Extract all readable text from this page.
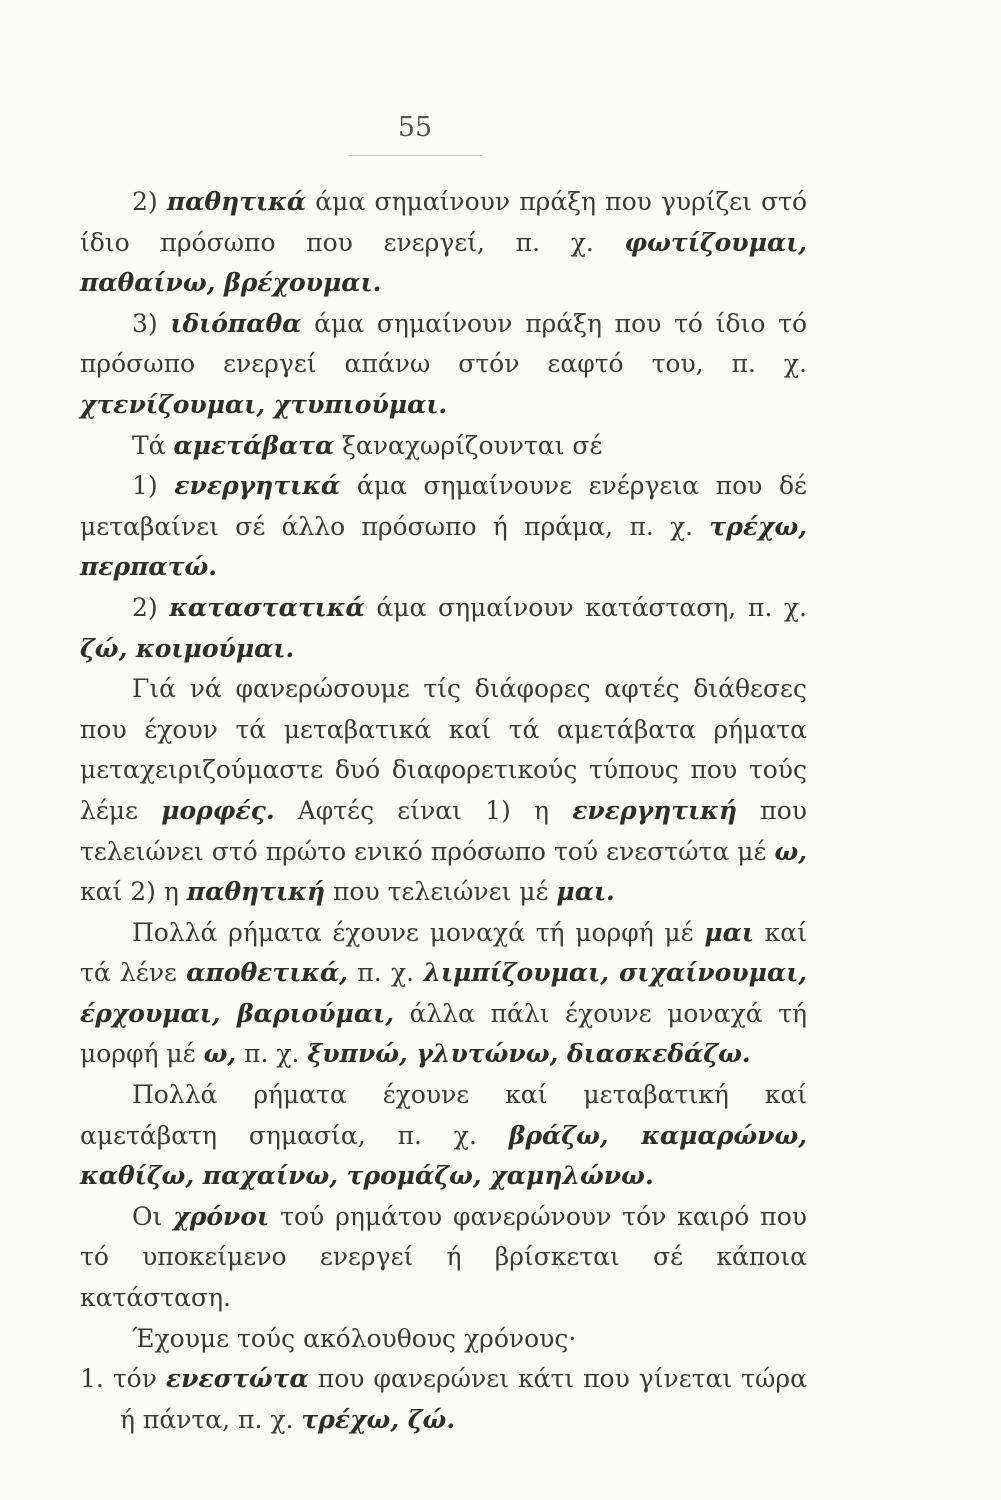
55

2) παθητικά άμα σημαίνουν πράξη που γυρίζει στό ίδιο πρόσωπο που ενεργεί, π. χ. φωτίζουμαι, παθαίνω, βρέχουμαι.

3) ιδιόπαθα άμα σημαίνουν πράξη που τό ίδιο τό πρόσωπο ενεργεί απάνω στόν εαφτό του, π. χ. χτενίζουμαι, χτυπιούμαι.

Τά αμετάβατα ξαναχωρίζουνται σέ

1) ενεργητικά άμα σημαίνουνε ενέργεια που δέ μεταβαίνει σέ άλλο πρόσωπο ή πράμα, π. χ. τρέχω, περπατώ.

2) καταστατικά άμα σημαίνουν κατάσταση, π. χ. ζώ, κοιμούμαι.

Γιά νά φανερώσουμε τίς διάφορες αφτές διάθεσες που έχουν τά μεταβατικά καί τά αμετάβατα ρήματα μεταχειριζούμαστε δυό διαφορετικούς τύπους που τούς λέμε μορφές. Αφτές είναι 1) η ενεργητική που τελειώνει στό πρώτο ενικό πρόσωπο τού ενεστώτα μέ ω, καί 2) η παθητική που τελειώνει μέ μαι.

Πολλά ρήματα έχουνε μοναχά τή μορφή μέ μαι καί τά λένε αποθετικά, π. χ. λιμπίζουμαι, σιχαίνουμαι, έρχουμαι, βαριούμαι, άλλα πάλι έχουνε μοναχά τή μορφή μέ ω, π. χ. ξυπνώ, γλυτώνω, διασκεδάζω.

Πολλά ρήματα έχουνε καί μεταβατική καί αμετάβατη σημασία, π. χ. βράζω, καμαρώνω, καθίζω, παχαίνω, τρομάζω, χαμηλώνω.

Οι χρόνοι τού ρημάτου φανερώνουν τόν καιρό που τό υποκείμενο ενεργεί ή βρίσκεται σέ κάποια κατάσταση.

Έχουμε τούς ακόλουθους χρόνους·

1. τόν ενεστώτα που φανερώνει κάτι που γίνεται τώρα ή πάντα, π. χ. τρέχω, ζώ.
